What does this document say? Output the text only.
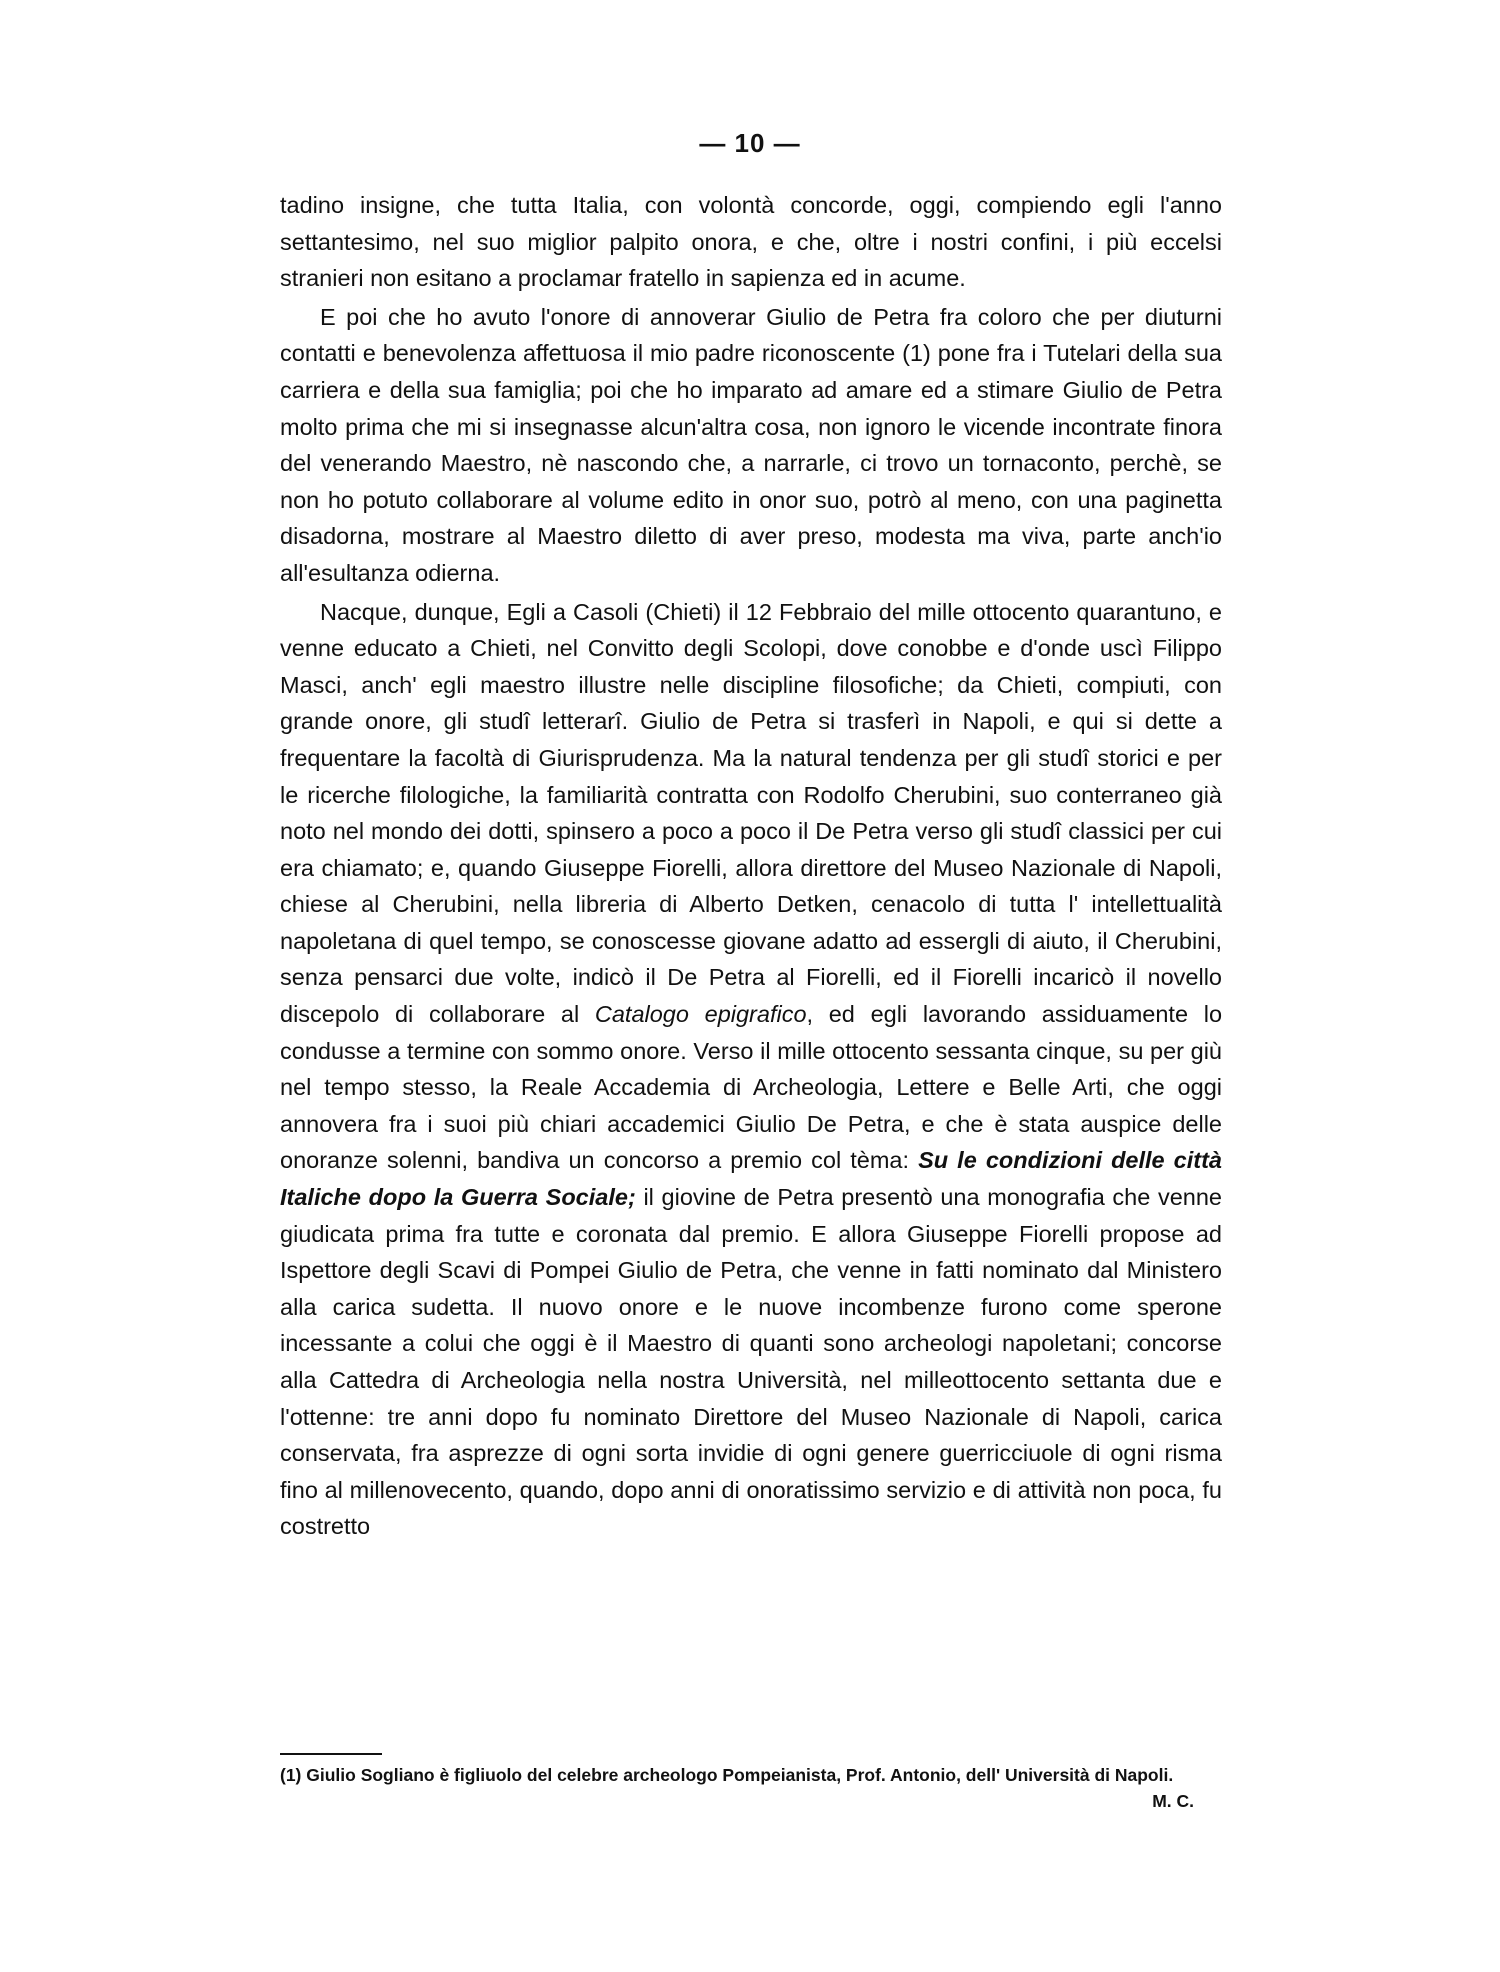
— 10 —

tadino insigne, che tutta Italia, con volontà concorde, oggi, compiendo egli l'anno settantesimo, nel suo miglior palpito onora, e che, oltre i nostri confini, i più eccelsi stranieri non esitano a proclamar fratello in sapienza ed in acume.

E poi che ho avuto l'onore di annoverar Giulio de Petra fra coloro che per diuturni contatti e benevolenza affettuosa il mio padre riconoscente (1) pone fra i Tutelari della sua carriera e della sua famiglia; poi che ho imparato ad amare ed a stimare Giulio de Petra molto prima che mi si insegnasse alcun'altra cosa, non ignoro le vicende incontrate finora del venerando Maestro, nè nascondo che, a narrarle, ci trovo un tornaconto, perchè, se non ho potuto collaborare al volume edito in onor suo, potrò al meno, con una paginetta disadorna, mostrare al Maestro diletto di aver preso, modesta ma viva, parte anch'io all'esultanza odierna.

Nacque, dunque, Egli a Casoli (Chieti) il 12 Febbraio del mille ottocento quarantuno, e venne educato a Chieti, nel Convitto degli Scolopi, dove conobbe e d'onde uscì Filippo Masci, anch' egli maestro illustre nelle discipline filosofiche; da Chieti, compiuti, con grande onore, gli studî letterarî. Giulio de Petra si trasferì in Napoli, e qui si dette a frequentare la facoltà di Giurisprudenza. Ma la natural tendenza per gli studî storici e per le ricerche filologiche, la familiarità contratta con Rodolfo Cherubini, suo conterraneo già noto nel mondo dei dotti, spinsero a poco a poco il De Petra verso gli studî classici per cui era chiamato; e, quando Giuseppe Fiorelli, allora direttore del Museo Nazionale di Napoli, chiese al Cherubini, nella libreria di Alberto Detken, cenacolo di tutta l' intellettualità napoletana di quel tempo, se conoscesse giovane adatto ad essergli di aiuto, il Cherubini, senza pensarci due volte, indicò il De Petra al Fiorelli, ed il Fiorelli incaricò il novello discepolo di collaborare al Catalogo epigrafico, ed egli lavorando assiduamente lo condusse a termine con sommo onore. Verso il mille ottocento sessanta cinque, su per giù nel tempo stesso, la Reale Accademia di Archeologia, Lettere e Belle Arti, che oggi annovera fra i suoi più chiari accademici Giulio De Petra, e che è stata auspice delle onoranze solenni, bandiva un concorso a premio col tèma: Su le condizioni delle città Italiche dopo la Guerra Sociale; il giovine de Petra presentò una monografia che venne giudicata prima fra tutte e coronata dal premio. E allora Giuseppe Fiorelli propose ad Ispettore degli Scavi di Pompei Giulio de Petra, che venne in fatti nominato dal Ministero alla carica sudetta. Il nuovo onore e le nuove incombenze furono come sperone incessante a colui che oggi è il Maestro di quanti sono archeologi napoletani; concorse alla Cattedra di Archeologia nella nostra Università, nel milleottocento settanta due e l'ottenne: tre anni dopo fu nominato Direttore del Museo Nazionale di Napoli, carica conservata, fra asprezze di ogni sorta invidie di ogni genere guerricciuole di ogni risma fino al millenovecento, quando, dopo anni di onoratissimo servizio e di attività non poca, fu costretto

(1) Giulio Sogliano è figliuolo del celebre archeologo Pompeianista, Prof. Antonio, dell' Università di Napoli.
M. C.
